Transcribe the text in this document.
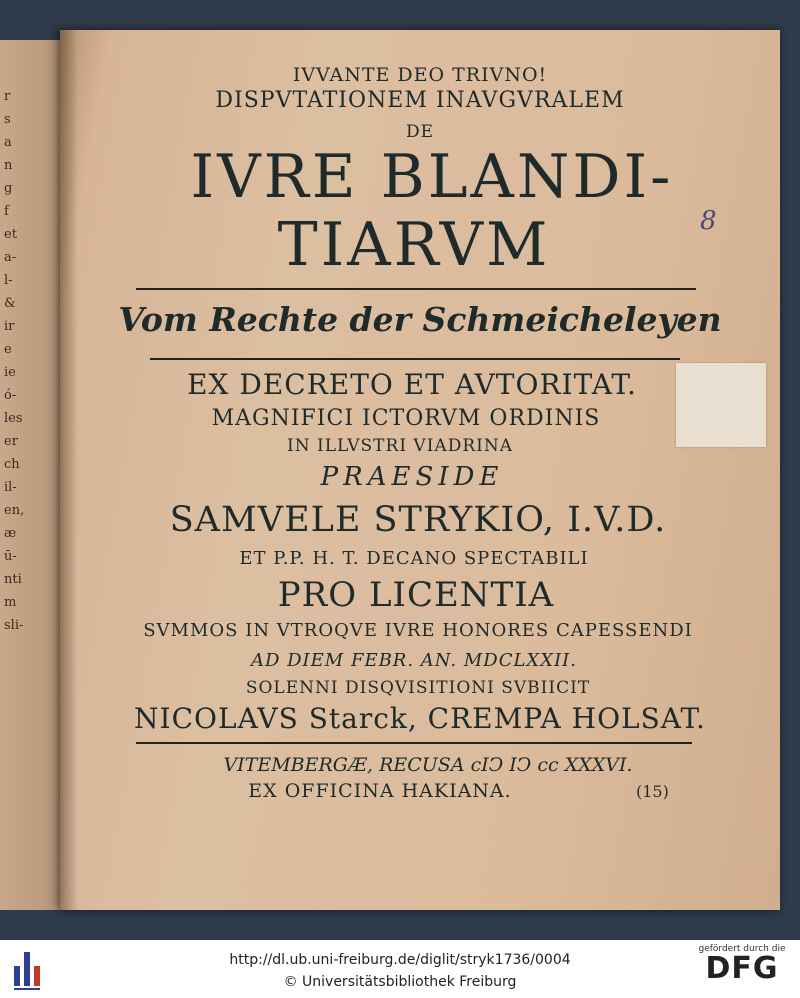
r
s
a
n
g
f
et
a-
l-
&
ir
e
ie
ó-
les
er
ch
il-
en,
æ
ū-
nti
m
sli-
IVVANTE DEO TRIVNO!
DISPVTATIONEM INAVGVRALEM
DE
IVRE BLANDI-
TIARVM	8
Vom Rechte der Schmeicheleyen
EX DECRETO ET AVTORITAT.
MAGNIFICI ICTORVM ORDINIS
IN ILLVSTRI VIADRINA
PRAESIDE
SAMVELE STRYKIO, I.V.D.
ET P.P. H. T. DECANO SPECTABILI
PRO LICENTIA
SVMMOS IN VTROQVE IVRE HONORES CAPESSENDI
AD DIEM FEBR. AN. MDCLXXII.
SOLENNI DISQVISITIONI SVBIICIT
NICOLAVS Starck, CREMPA HOLSAT.
VITEMBERGÆ, RECUSA cIↃ IↃ cc XXXVI.
EX OFFICINA HAKIANA.	(15)
http://dl.ub.uni-freiburg.de/diglit/stryk1736/0004
© Universitätsbibliothek Freiburg
gefördert durch die
DFG
